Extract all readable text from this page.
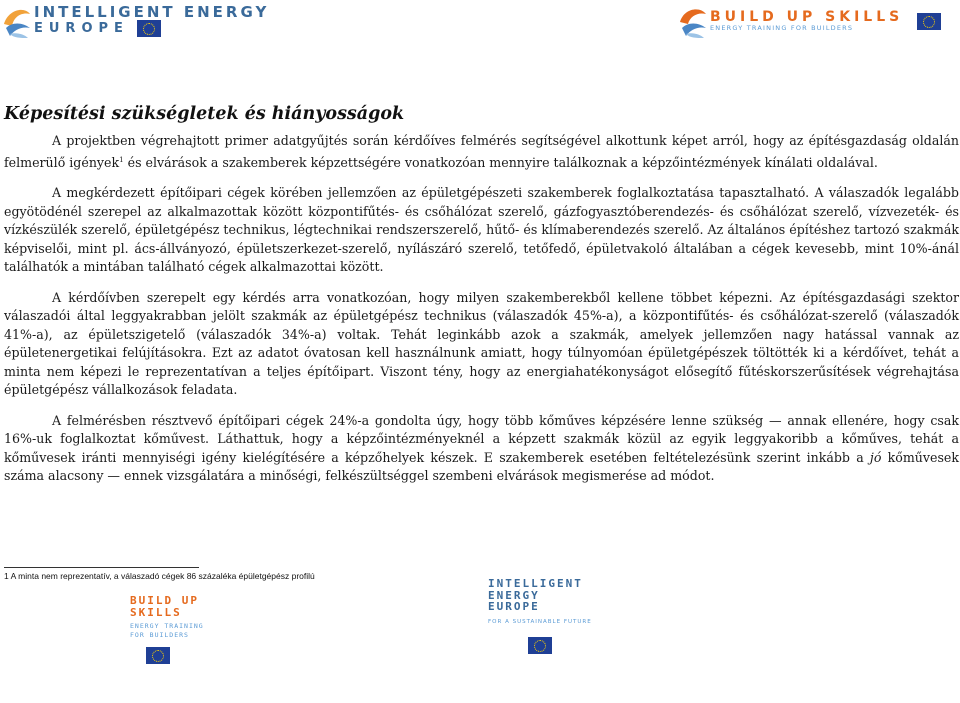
INTELLIGENT ENERGY
EUROPE
BUILD UP SKILLS
ENERGY TRAINING FOR BUILDERS
Képesítési szükségletek és hiányosságok

A projektben végrehajtott primer adatgyűjtés során kérdőíves felmérés segítségével alkottunk képet arról, hogy az építésgazdaság oldalán felmerülő igények$^1$ és elvárások a szakemberek képzettségére vonatkozóan mennyire találkoznak a képzőintézmények kínálati oldalával.

A megkérdezett építőipari cégek körében jellemzően az épületgépészeti szakemberek foglalkoztatása tapasztalható. A válaszadók legalább egyötödénél szerepel az alkalmazottak között központifűtés- és csőhálózat szerelő, gázfogyasztóberendezés- és csőhálózat szerelő, vízvezeték- és vízkészülék szerelő, épületgépész technikus, légtechnikai rendszerszerelő, hűtő- és klímaberendezés szerelő. Az általános építéshez tartozó szakmák képviselői, mint pl. ács-állványozó, épületszerkezet-szerelő, nyílászáró szerelő, tetőfedő, épületvakoló általában a cégek kevesebb, mint 10%-ánál találhatók a mintában található cégek alkalmazottai között.

A kérdőívben szerepelt egy kérdés arra vonatkozóan, hogy milyen szakemberekből kellene többet képezni. Az építésgazdasági szektor válaszadói által leggyakrabban jelölt szakmák az épületgépész technikus (válaszadók 45%-a), a központifűtés- és csőhálózat-szerelő (válaszadók 41%-a), az épületszigetelő (válaszadók 34%-a) voltak. Tehát leginkább azok a szakmák, amelyek jellemzően nagy hatással vannak az épületenergetikai felújításokra. Ezt az adatot óvatosan kell használnunk amiatt, hogy túlnyomóan épületgépészek töltötték ki a kérdőívet, tehát a minta nem képezi le reprezentatívan a teljes építőipart. Viszont tény, hogy az energiahatékonyságot elősegítő fűtéskorszerűsítések végrehajtása épületgépész vállalkozások feladata.

A felmérésben résztvevő építőipari cégek 24%-a gondolta úgy, hogy több kőműves képzésére lenne szükség — annak ellenére, hogy csak 16%-uk foglalkoztat kőművest. Láthattuk, hogy a képzőintézményeknél a képzett szakmák közül az egyik leggyakoribb a kőműves, tehát a kőművesek iránti mennyiségi igény kielégítésére a képzőhelyek készek. E szakemberek esetében feltételezésünk szerint inkább a jó kőművesek száma alacsony — ennek vizsgálatára a minőségi, felkészültséggel szembeni elvárások megismerése ad módot.

1 A minta nem reprezentatív, a válaszadó cégek 86 százaléka épületgépész profilú
BUILD UP
SKILLS
ENERGY TRAINING
FOR BUILDERS
INTELLIGENT
ENERGY
EUROPE
FOR A SUSTAINABLE FUTURE
